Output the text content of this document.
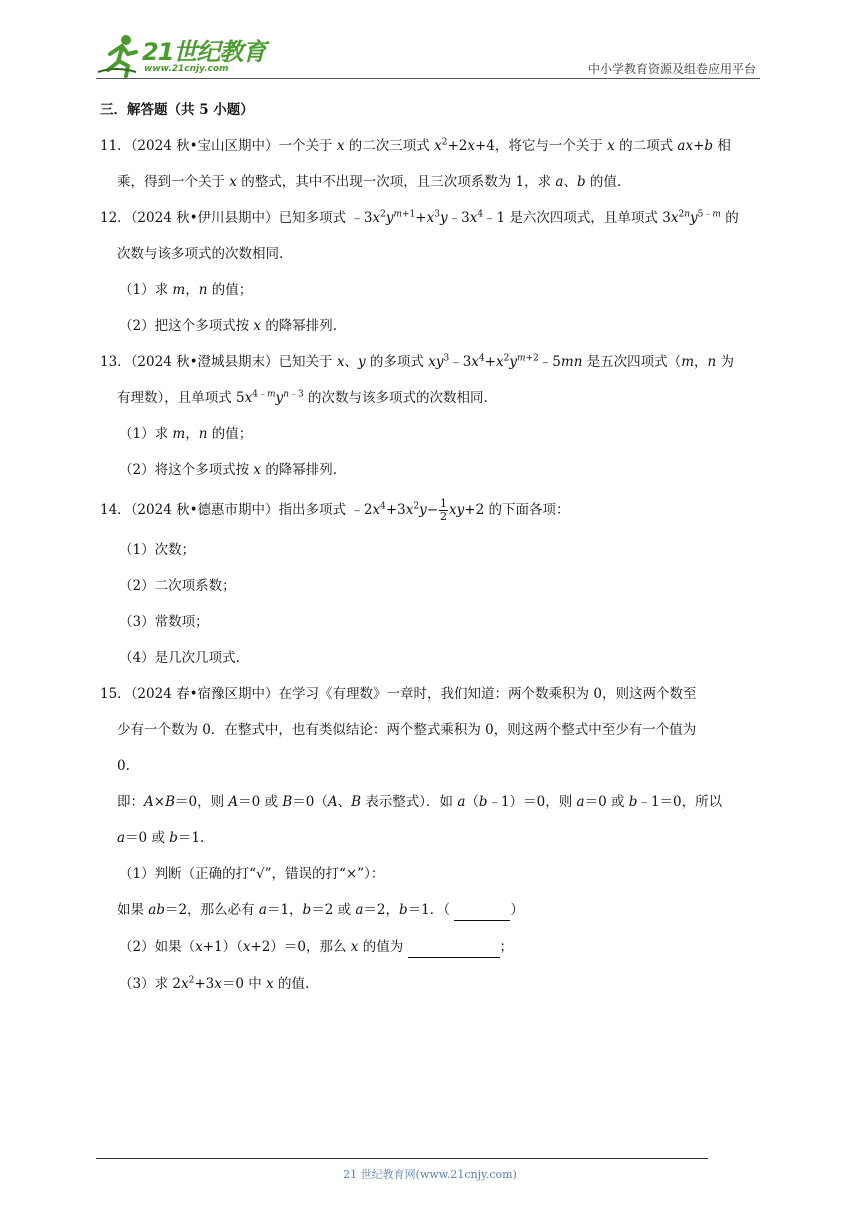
21世纪教育
www.21cnjy.com	中小学教育资源及组卷应用平台
三．解答题（共 5 小题）
11．（2024 秋•宝山区期中）一个关于 x 的二次三项式 $x^2+2x+4$，将它与一个关于 x 的二项式 ax+b 相
乘，得到一个关于 x 的整式，其中不出现一次项，且三次项系数为 1，求 a、b 的值.
12．（2024 秋•伊川县期中）已知多项式 $﹣3x^2y^{m+1}+x^3y﹣3x^4﹣1$ 是六次四项式，且单项式 $3x^{2n}y^{5﹣m}$ 的
次数与该多项式的次数相同.
（1）求 m，n 的值；
（2）把这个多项式按 x 的降幂排列.
13．（2024 秋•澄城县期末）已知关于 x、y 的多项式 $xy^3﹣3x^4+x^2y^{m+2}﹣5mn$ 是五次四项式（m，n 为
有理数），且单项式 $5x^{4﹣m}y^{n﹣3}$ 的次数与该多项式的次数相同.
（1）求 m，n 的值；
（2）将这个多项式按 x 的降幂排列.
14．（2024 秋•德惠市期中）指出多项式 $﹣2x^4+3x^2y- \frac{1}{2} xy+2$ 的下面各项：
（1）次数；
（2）二次项系数；
（3）常数项；
（4）是几次几项式.
15．（2024 春•宿豫区期中）在学习《有理数》一章时，我们知道：两个数乘积为 0，则这两个数至
少有一个数为 0．在整式中，也有类似结论：两个整式乘积为 0，则这两个整式中至少有一个值为
0.
即：A×B＝0，则 A＝0 或 B＝0（A、B 表示整式）．如 a（b﹣1）＝0，则 a＝0 或 b﹣1＝0，所以
a＝0 或 b＝1.
（1）判断（正确的打“√”，错误的打“×”）：
如果 ab＝2，那么必有 a＝1，b＝2 或 a＝2，b＝1．（	）
（2）如果（x+1）（x+2）＝0，那么 x 的值为	；
（3）求 $2x^2+3x=0$ 中 x 的值.
21 世纪教育网(www.21cnjy.com)
